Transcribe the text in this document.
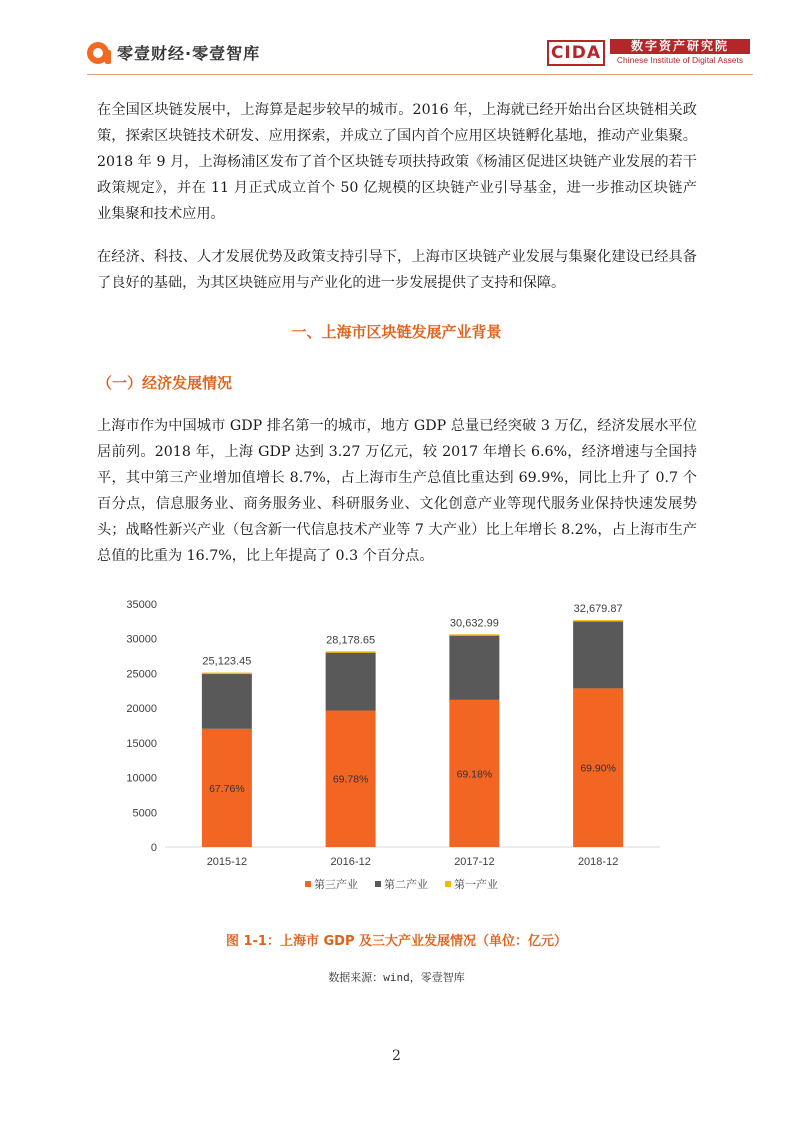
零壹财经·零壹智库	CIDA	数字资产研究院
Chinese Institute of Digital Assets
在全国区块链发展中，上海算是起步较早的城市。2016 年，上海就已经开始出台区块链相关政策，探索区块链技术研发、应用探索，并成立了国内首个应用区块链孵化基地，推动产业集聚。2018 年 9 月，上海杨浦区发布了首个区块链专项扶持政策《杨浦区促进区块链产业发展的若干政策规定》，并在 11 月正式成立首个 50 亿规模的区块链产业引导基金，进一步推动区块链产业集聚和技术应用。
在经济、科技、人才发展优势及政策支持引导下，上海市区块链产业发展与集聚化建设已经具备了良好的基础，为其区块链应用与产业化的进一步发展提供了支持和保障。
一、上海市区块链发展产业背景
（一）经济发展情况
上海市作为中国城市 GDP 排名第一的城市，地方 GDP 总量已经突破 3 万亿，经济发展水平位居前列。2018 年，上海 GDP 达到 3.27 万亿元，较 2017 年增长 6.6%，经济增速与全国持平，其中第三产业增加值增长 8.7%，占上海市生产总值比重达到 69.9%，同比上升了 0.7 个百分点，信息服务业、商务服务业、科研服务业、文化创意产业等现代服务业保持快速发展势头；战略性新兴产业（包含新一代信息技术产业等 7 大产业）比上年增长 8.2%，占上海市生产总值的比重为 16.7%，比上年提高了 0.3 个百分点。
0
5000
10000
15000
20000
25000
30000
35000
67.76%
25,123.45
2015-12
69.78%
28,178.65
2016-12
69.18%
30,632.99
2017-12
69.90%
32,679.87
2018-12
第三产业 第二产业 第一产业
图 1-1：上海市 GDP 及三大产业发展情况（单位：亿元）
数据来源：wind，零壹智库
2
